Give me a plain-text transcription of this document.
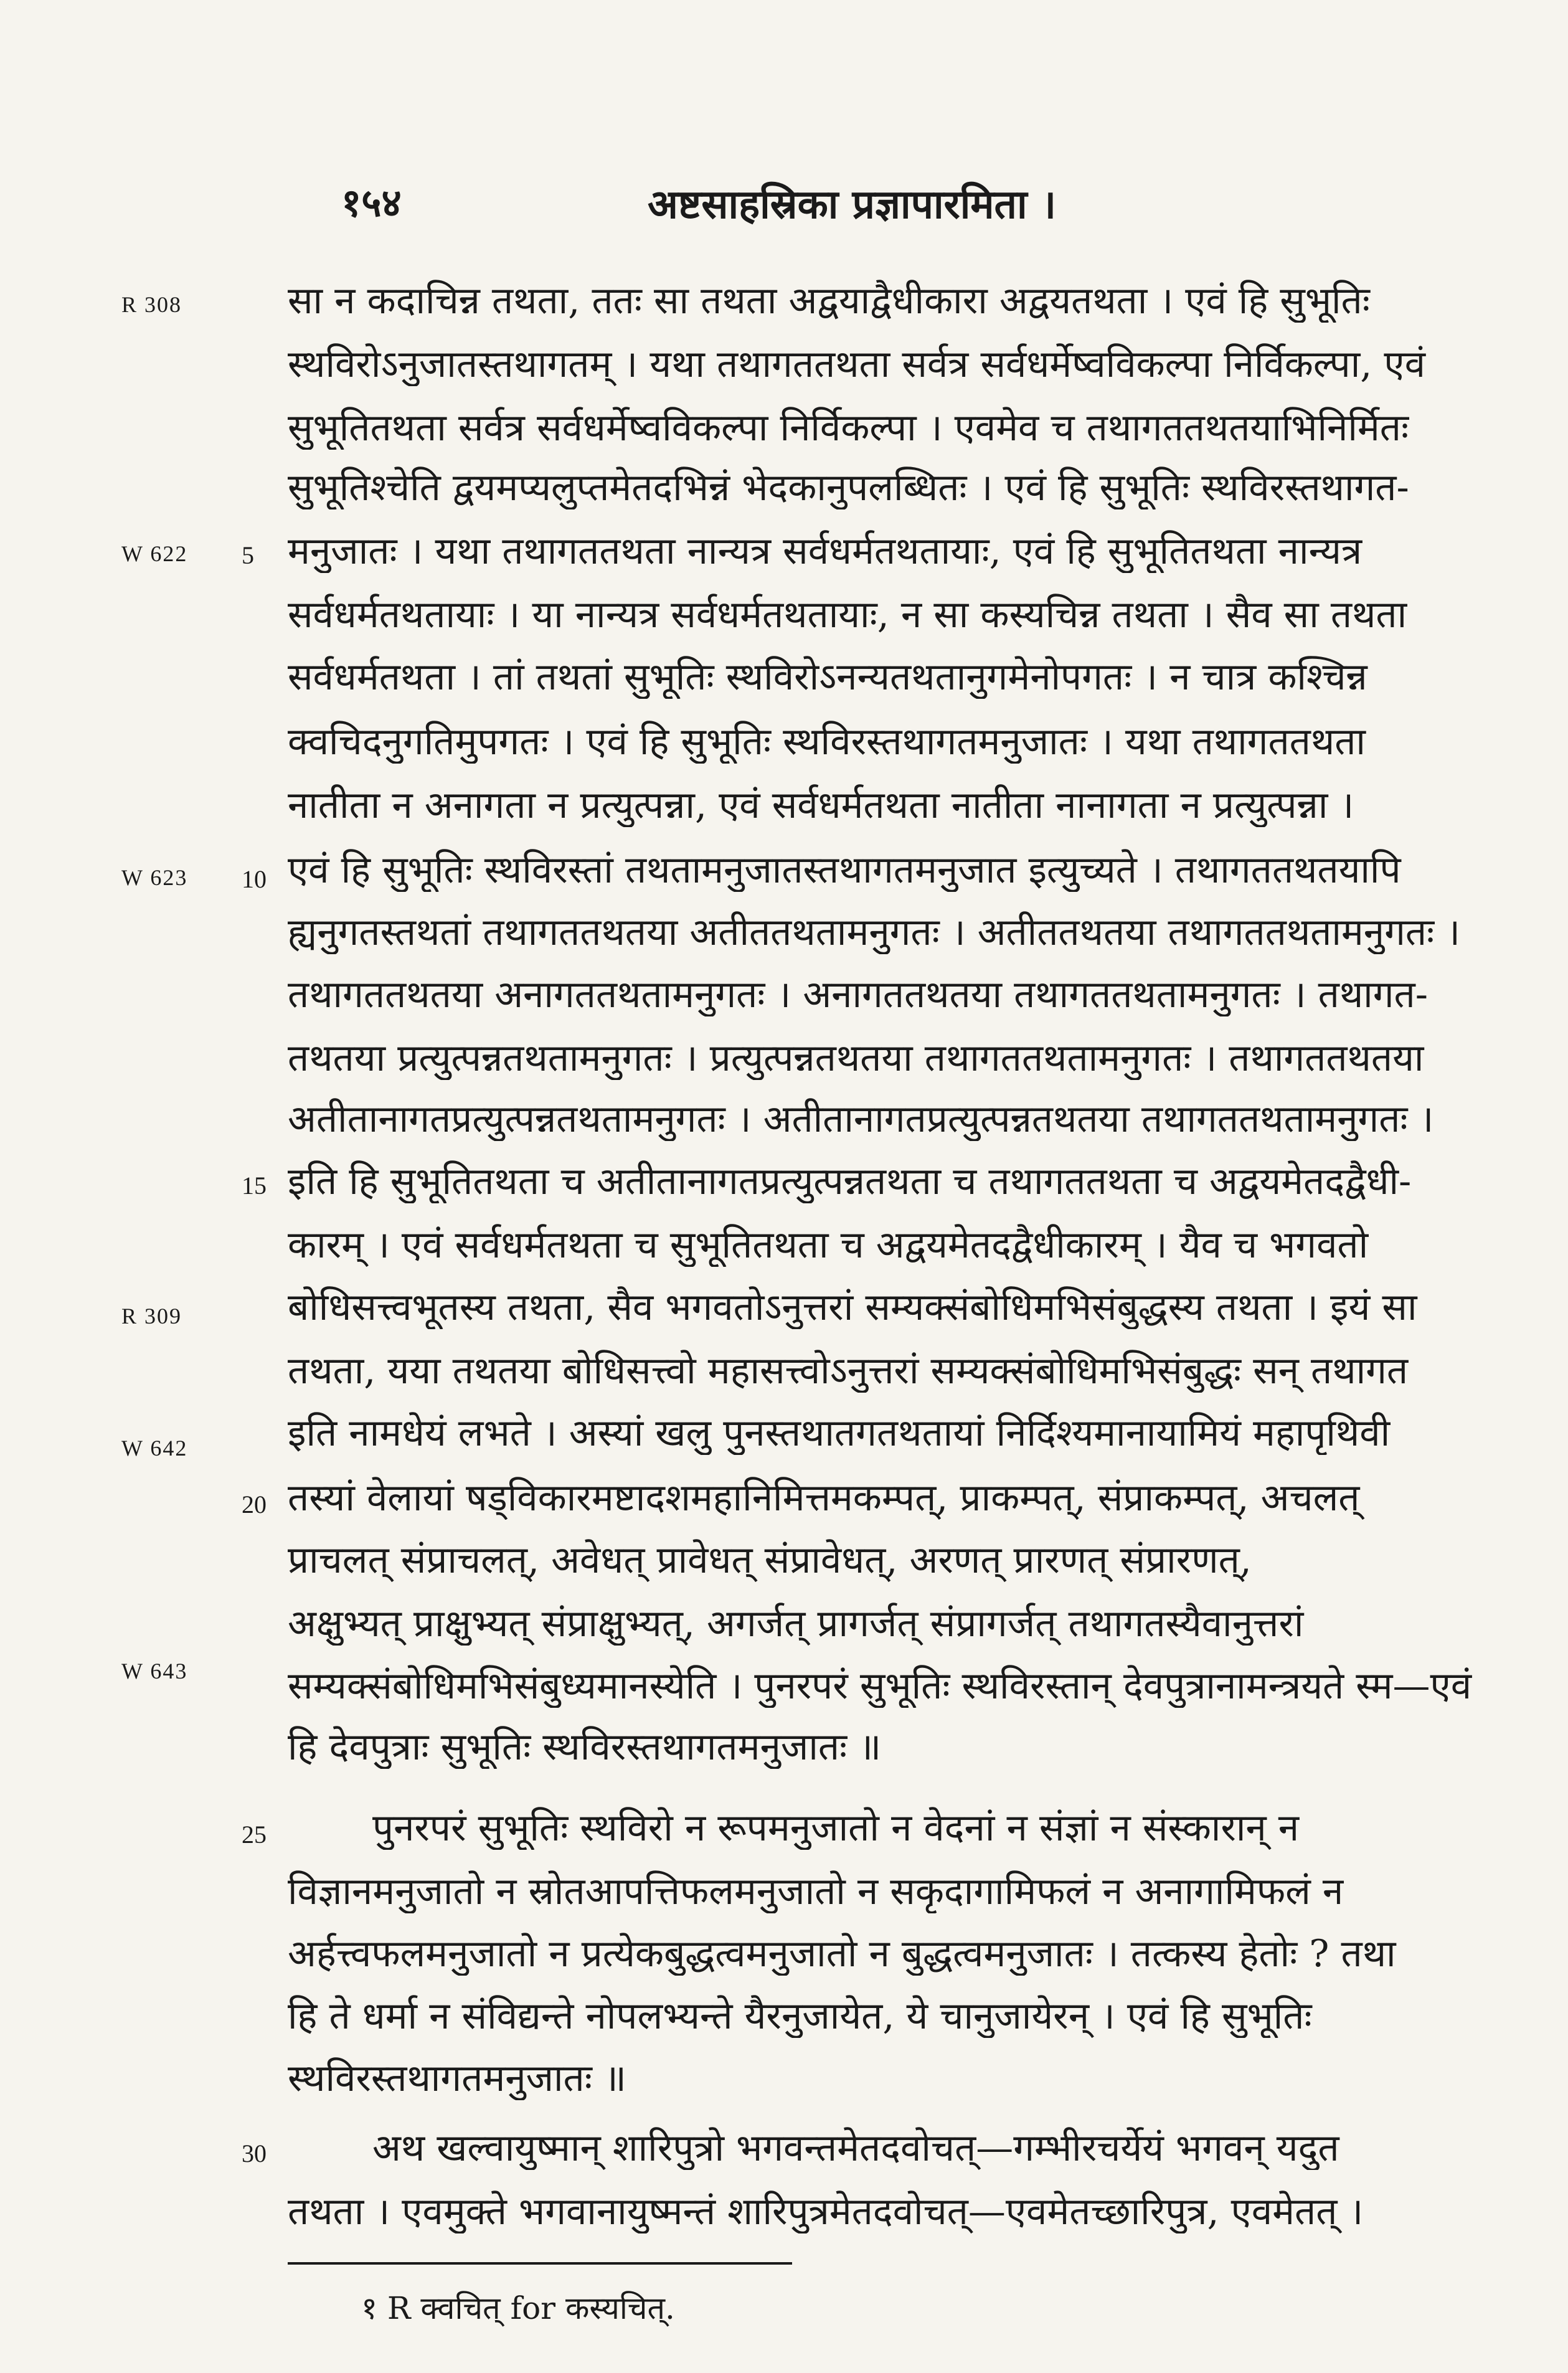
१५४	अष्टसाहस्रिका प्रज्ञापारमिता ।
R 308
W 622
W 623
R 309
W 642
W 643
5
10
15
20
25
30
सा न कदाचिन्न तथता, ततः सा तथता अद्वयाद्वैधीकारा अद्वयतथता । एवं हि सुभूतिः
स्थविरोऽनुजातस्तथागतम् । यथा तथागततथता सर्वत्र सर्वधर्मेष्वविकल्पा निर्विकल्पा, एवं
सुभूतितथता सर्वत्र सर्वधर्मेष्वविकल्पा निर्विकल्पा । एवमेव च तथागततथतयाभिनिर्मितः
सुभूतिश्चेति द्वयमप्यलुप्तमेतदभिन्नं भेदकानुपलब्धितः । एवं हि सुभूतिः स्थविरस्तथागत-
मनुजातः । यथा तथागततथता नान्यत्र सर्वधर्मतथतायाः, एवं हि सुभूतितथता नान्यत्र
सर्वधर्मतथतायाः । या नान्यत्र सर्वधर्मतथतायाः, न सा कस्यचिन्न तथता । सैव सा तथता
सर्वधर्मतथता । तां तथतां सुभूतिः स्थविरोऽनन्यतथतानुगमेनोपगतः । न चात्र कश्चिन्न
क्वचिदनुगतिमुपगतः । एवं हि सुभूतिः स्थविरस्तथागतमनुजातः । यथा तथागततथता
नातीता न अनागता न प्रत्युत्पन्ना, एवं सर्वधर्मतथता नातीता नानागता न प्रत्युत्पन्ना ।
एवं हि सुभूतिः स्थविरस्तां तथतामनुजातस्तथागतमनुजात इत्युच्यते । तथागततथतयापि
ह्यनुगतस्तथतां तथागततथतया अतीततथतामनुगतः । अतीततथतया तथागततथतामनुगतः ।
तथागततथतया अनागततथतामनुगतः । अनागततथतया तथागततथतामनुगतः । तथागत-
तथतया प्रत्युत्पन्नतथतामनुगतः । प्रत्युत्पन्नतथतया तथागततथतामनुगतः । तथागततथतया
अतीतानागतप्रत्युत्पन्नतथतामनुगतः । अतीतानागतप्रत्युत्पन्नतथतया तथागततथतामनुगतः ।
इति हि सुभूतितथता च अतीतानागतप्रत्युत्पन्नतथता च तथागततथता च अद्वयमेतदद्वैधी-
कारम् । एवं सर्वधर्मतथता च सुभूतितथता च अद्वयमेतदद्वैधीकारम् । यैव च भगवतो
बोधिसत्त्वभूतस्य तथता, सैव भगवतोऽनुत्तरां सम्यक्संबोधिमभिसंबुद्धस्य तथता । इयं सा
तथता, यया तथतया बोधिसत्त्वो महासत्त्वोऽनुत्तरां सम्यक्संबोधिमभिसंबुद्धः सन् तथागत
इति नामधेयं लभते । अस्यां खलु पुनस्तथातगतथतायां निर्दिश्यमानायामियं महापृथिवी
तस्यां वेलायां षड्विकारमष्टादशमहानिमित्तमकम्पत्, प्राकम्पत्, संप्राकम्पत्, अचलत्
प्राचलत् संप्राचलत्, अवेधत् प्रावेधत् संप्रावेधत्, अरणत् प्रारणत् संप्रारणत्,
अक्षुभ्यत् प्राक्षुभ्यत् संप्राक्षुभ्यत्, अगर्जत् प्रागर्जत् संप्रागर्जत् तथागतस्यैवानुत्तरां
सम्यक्संबोधिमभिसंबुध्यमानस्येति । पुनरपरं सुभूतिः स्थविरस्तान् देवपुत्रानामन्त्रयते स्म—एवं
हि देवपुत्राः सुभूतिः स्थविरस्तथागतमनुजातः ॥
पुनरपरं सुभूतिः स्थविरो न रूपमनुजातो न वेदनां न संज्ञां न संस्कारान् न
विज्ञानमनुजातो न स्रोतआपत्तिफलमनुजातो न सकृदागामिफलं न अनागामिफलं न
अर्हत्त्वफलमनुजातो न प्रत्येकबुद्धत्वमनुजातो न बुद्धत्वमनुजातः । तत्कस्य हेतोः ? तथा
हि ते धर्मा न संविद्यन्ते नोपलभ्यन्ते यैरनुजायेत, ये चानुजायेरन् । एवं हि सुभूतिः
स्थविरस्तथागतमनुजातः ॥
अथ खल्वायुष्मान् शारिपुत्रो भगवन्तमेतदवोचत्—गम्भीरचर्येयं भगवन् यदुत
तथता । एवमुक्ते भगवानायुष्मन्तं शारिपुत्रमेतदवोचत्—एवमेतच्छारिपुत्र, एवमेतत् ।
१ R क्वचित् for कस्यचित्.
